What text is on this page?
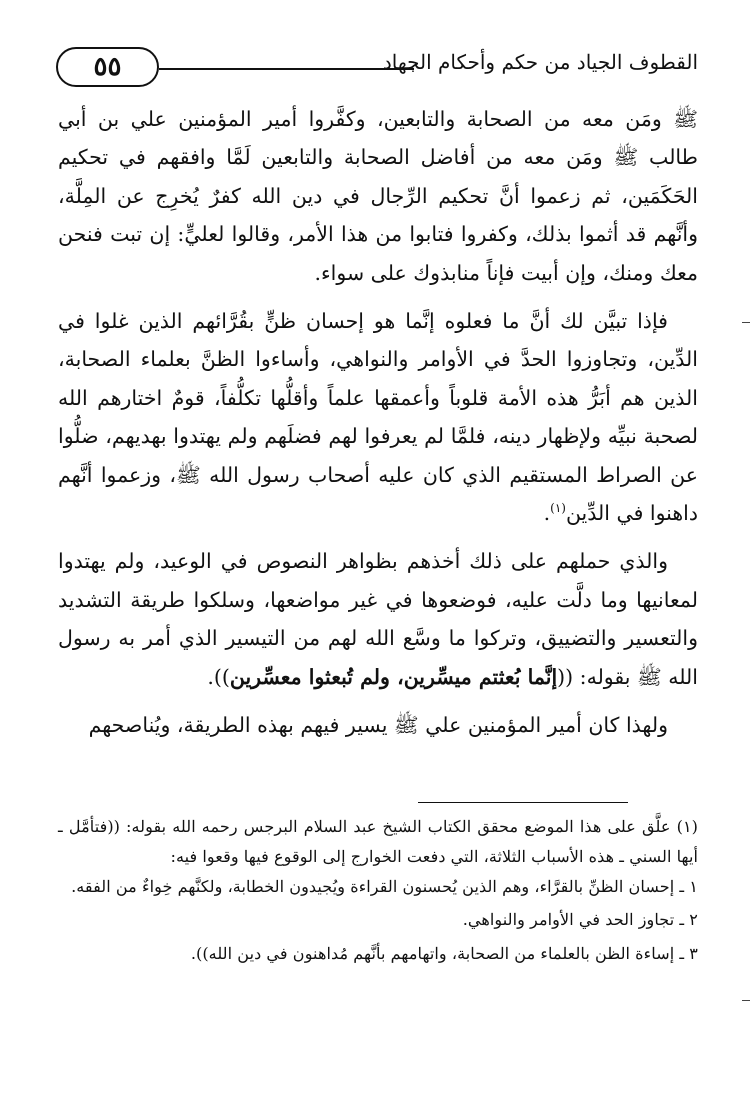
٥٥	القطوف الجياد من حكم وأحكام الجهاد

ﷺ ومَن معه من الصحابة والتابعين، وكفَّروا أمير المؤمنين علي بن أبي طالب ﷺ ومَن معه من أفاضل الصحابة والتابعين لَمَّا وافقهم في تحكيم الحَكَمَين، ثم زعموا أنَّ تحكيم الرِّجال في دين الله كفرٌ يُخرِج عن المِلَّة، وأنَّهم قد أثموا بذلك، وكفروا فتابوا من هذا الأمر، وقالوا لعليٍّ: إن تبت فنحن معك ومنك، وإن أبيت فإناً منابذوك على سواء.

فإذا تبيَّن لك أنَّ ما فعلوه إنَّما هو إحسان ظنٍّ بقُرَّائهم الذين غلوا في الدِّين، وتجاوزوا الحدَّ في الأوامر والنواهي، وأساءوا الظنَّ بعلماء الصحابة، الذين هم أبَرُّ هذه الأمة قلوباً وأعمقها علماً وأقلُّها تكلُّفاً، قومٌ اختارهم الله لصحبة نبيِّه ولإظهار دينه، فلمَّا لم يعرفوا لهم فضلَهم ولم يهتدوا بهديهم، ضلُّوا عن الصراط المستقيم الذي كان عليه أصحاب رسول الله ﷺ، وزعموا أنَّهم داهنوا في الدِّين$^{(١)}$.

والذي حملهم على ذلك أخذهم بظواهر النصوص في الوعيد، ولم يهتدوا لمعانيها وما دلَّت عليه، فوضعوها في غير مواضعها، وسلكوا طريقة التشديد والتعسير والتضييق، وتركوا ما وسَّع الله لهم من التيسير الذي أمر به رسول الله ﷺ بقوله: ((إنَّما بُعثتم ميسِّرين، ولم تُبعثوا معسِّرين)).

ولهذا كان أمير المؤمنين علي ﷺ يسير فيهم بهذه الطريقة، ويُناصحهم

(١) علَّق على هذا الموضع محقق الكتاب الشيخ عبد السلام البرجس رحمه الله بقوله: ((فتأمَّل ـ أيها السني ـ هذه الأسباب الثلاثة، التي دفعت الخوارج إلى الوقوع فيها وقعوا فيه:

١ ـ إحسان الظنِّ بالقرَّاء، وهم الذين يُحسنون القراءة ويُجيدون الخطابة، ولكنَّهم خِواءٌ من الفقه.

٢ ـ تجاوز الحد في الأوامر والنواهي.

٣ ـ إساءة الظن بالعلماء من الصحابة، واتهامهم بأنَّهم مُداهنون في دين الله)).
